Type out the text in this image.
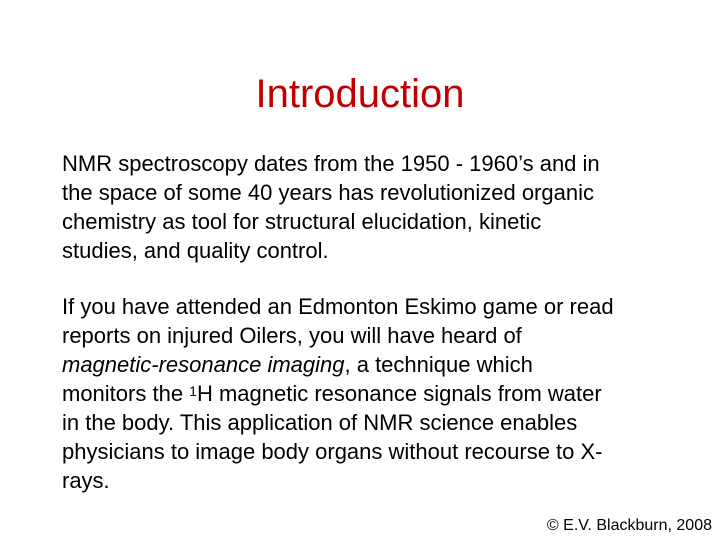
Introduction
NMR spectroscopy dates from the 1950 - 1960’s and in
the space of some 40 years has revolutionized organic
chemistry as tool for structural elucidation, kinetic
studies, and quality control.
If you have attended an Edmonton Eskimo game or read
reports on injured Oilers, you will have heard of
magnetic-resonance imaging, a technique which
monitors the $^1$H magnetic resonance signals from water
in the body. This application of NMR science enables
physicians to image body organs without recourse to X-
rays.
© E.V. Blackburn, 2008
